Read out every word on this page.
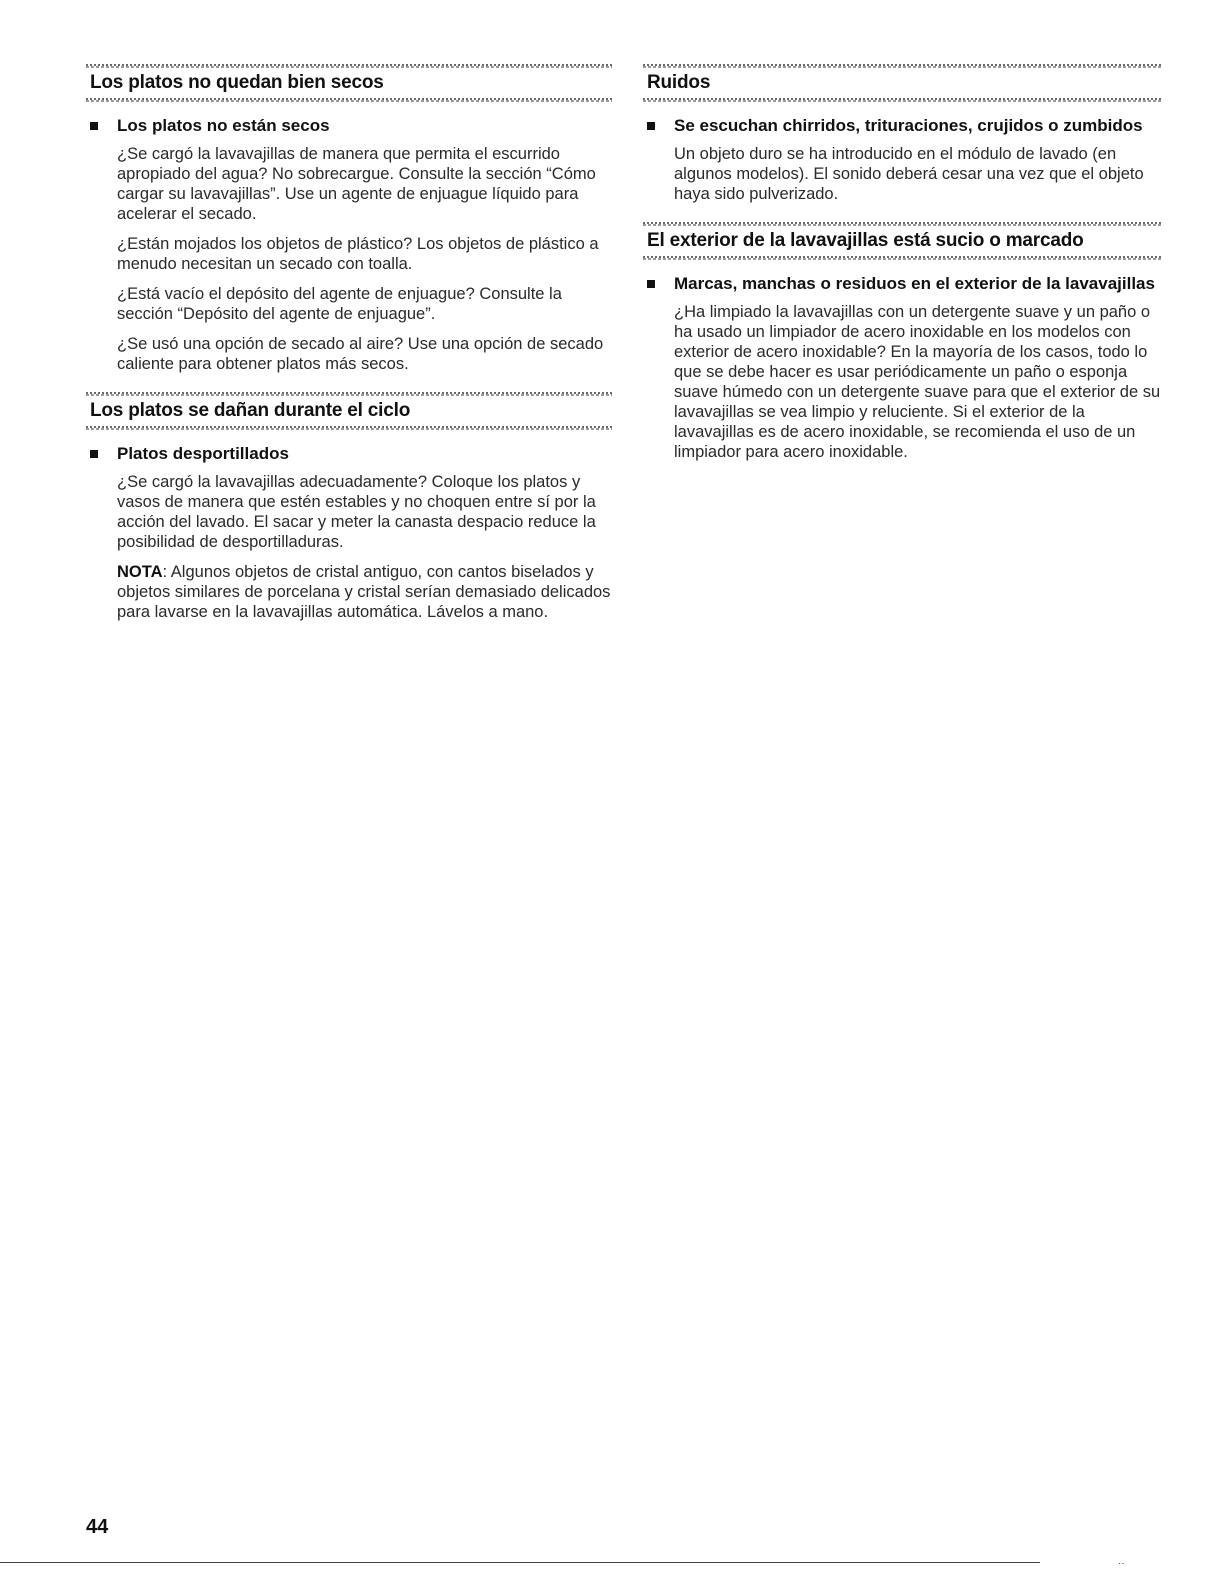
Los platos no quedan bien secos
Los platos no están secos

¿Se cargó la lavavajillas de manera que permita el escurrido apropiado del agua? No sobrecargue. Consulte la sección “Cómo cargar su lavavajillas”. Use un agente de enjuague líquido para acelerar el secado.

¿Están mojados los objetos de plástico? Los objetos de plástico a menudo necesitan un secado con toalla.

¿Está vacío el depósito del agente de enjuague? Consulte la sección “Depósito del agente de enjuague”.

¿Se usó una opción de secado al aire? Use una opción de secado caliente para obtener platos más secos.

Los platos se dañan durante el ciclo
Platos desportillados

¿Se cargó la lavavajillas adecuadamente? Coloque los platos y vasos de manera que estén estables y no choquen entre sí por la acción del lavado. El sacar y meter la canasta despacio reduce la posibilidad de desportilladuras.

NOTA: Algunos objetos de cristal antiguo, con cantos biselados y objetos similares de porcelana y cristal serían demasiado delicados para lavarse en la lavavajillas automática. Lávelos a mano.

Ruidos
Se escuchan chirridos, trituraciones, crujidos o zumbidos

Un objeto duro se ha introducido en el módulo de lavado (en algunos modelos). El sonido deberá cesar una vez que el objeto haya sido pulverizado.

El exterior de la lavavajillas está sucio o marcado
Marcas, manchas o residuos en el exterior de la lavavajillas

¿Ha limpiado la lavavajillas con un detergente suave y un paño o ha usado un limpiador de acero inoxidable en los modelos con exterior de acero inoxidable? En la mayoría de los casos, todo lo que se debe hacer es usar periódicamente un paño o esponja suave húmedo con un detergente suave para que el exterior de su lavavajillas se vea limpio y reluciente. Si el exterior de la lavavajillas es de acero inoxidable, se recomienda el uso de un limpiador para acero inoxidable.

44
‥
